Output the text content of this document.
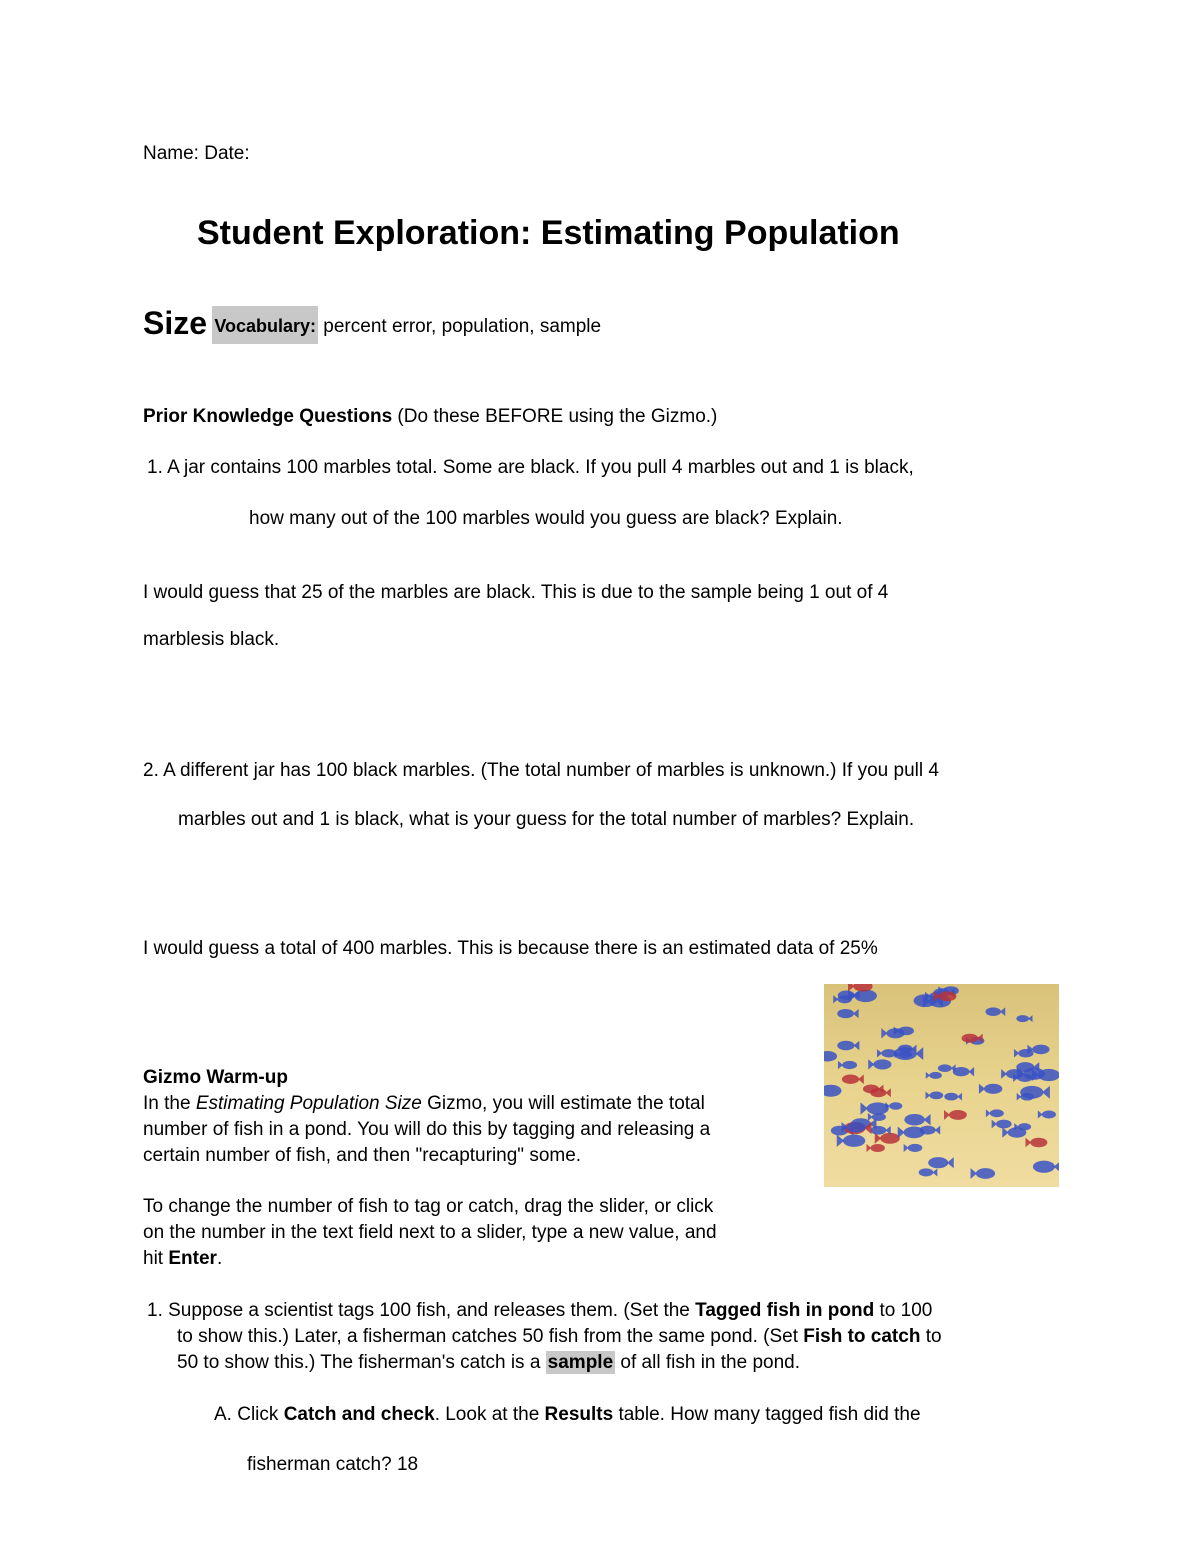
Name: Date:
Student Exploration: Estimating Population
Size Vocabulary: percent error, population, sample
Prior Knowledge Questions (Do these BEFORE using the Gizmo.)
1. A jar contains 100 marbles total. Some are black. If you pull 4 marbles out and 1 is black,
how many out of the 100 marbles would you guess are black? Explain.
I would guess that 25 of the marbles are black. This is due to the sample being 1 out of 4
marblesis black.
2. A different jar has 100 black marbles. (The total number of marbles is unknown.) If you pull 4
marbles out and 1 is black, what is your guess for the total number of marbles? Explain.
I would guess a total of 400 marbles. This is because there is an estimated data of 25%
Gizmo Warm-up
In the Estimating Population Size Gizmo, you will estimate the total
number of fish in a pond. You will do this by tagging and releasing a
certain number of fish, and then "recapturing" some.
To change the number of fish to tag or catch, drag the slider, or click
on the number in the text field next to a slider, type a new value, and
hit Enter.
1. Suppose a scientist tags 100 fish, and releases them. (Set the Tagged fish in pond to 100
to show this.) Later, a fisherman catches 50 fish from the same pond. (Set Fish to catch to
50 to show this.) The fisherman's catch is a sample of all fish in the pond.
A. Click Catch and check. Look at the Results table. How many tagged fish did the
fisherman catch? 18
